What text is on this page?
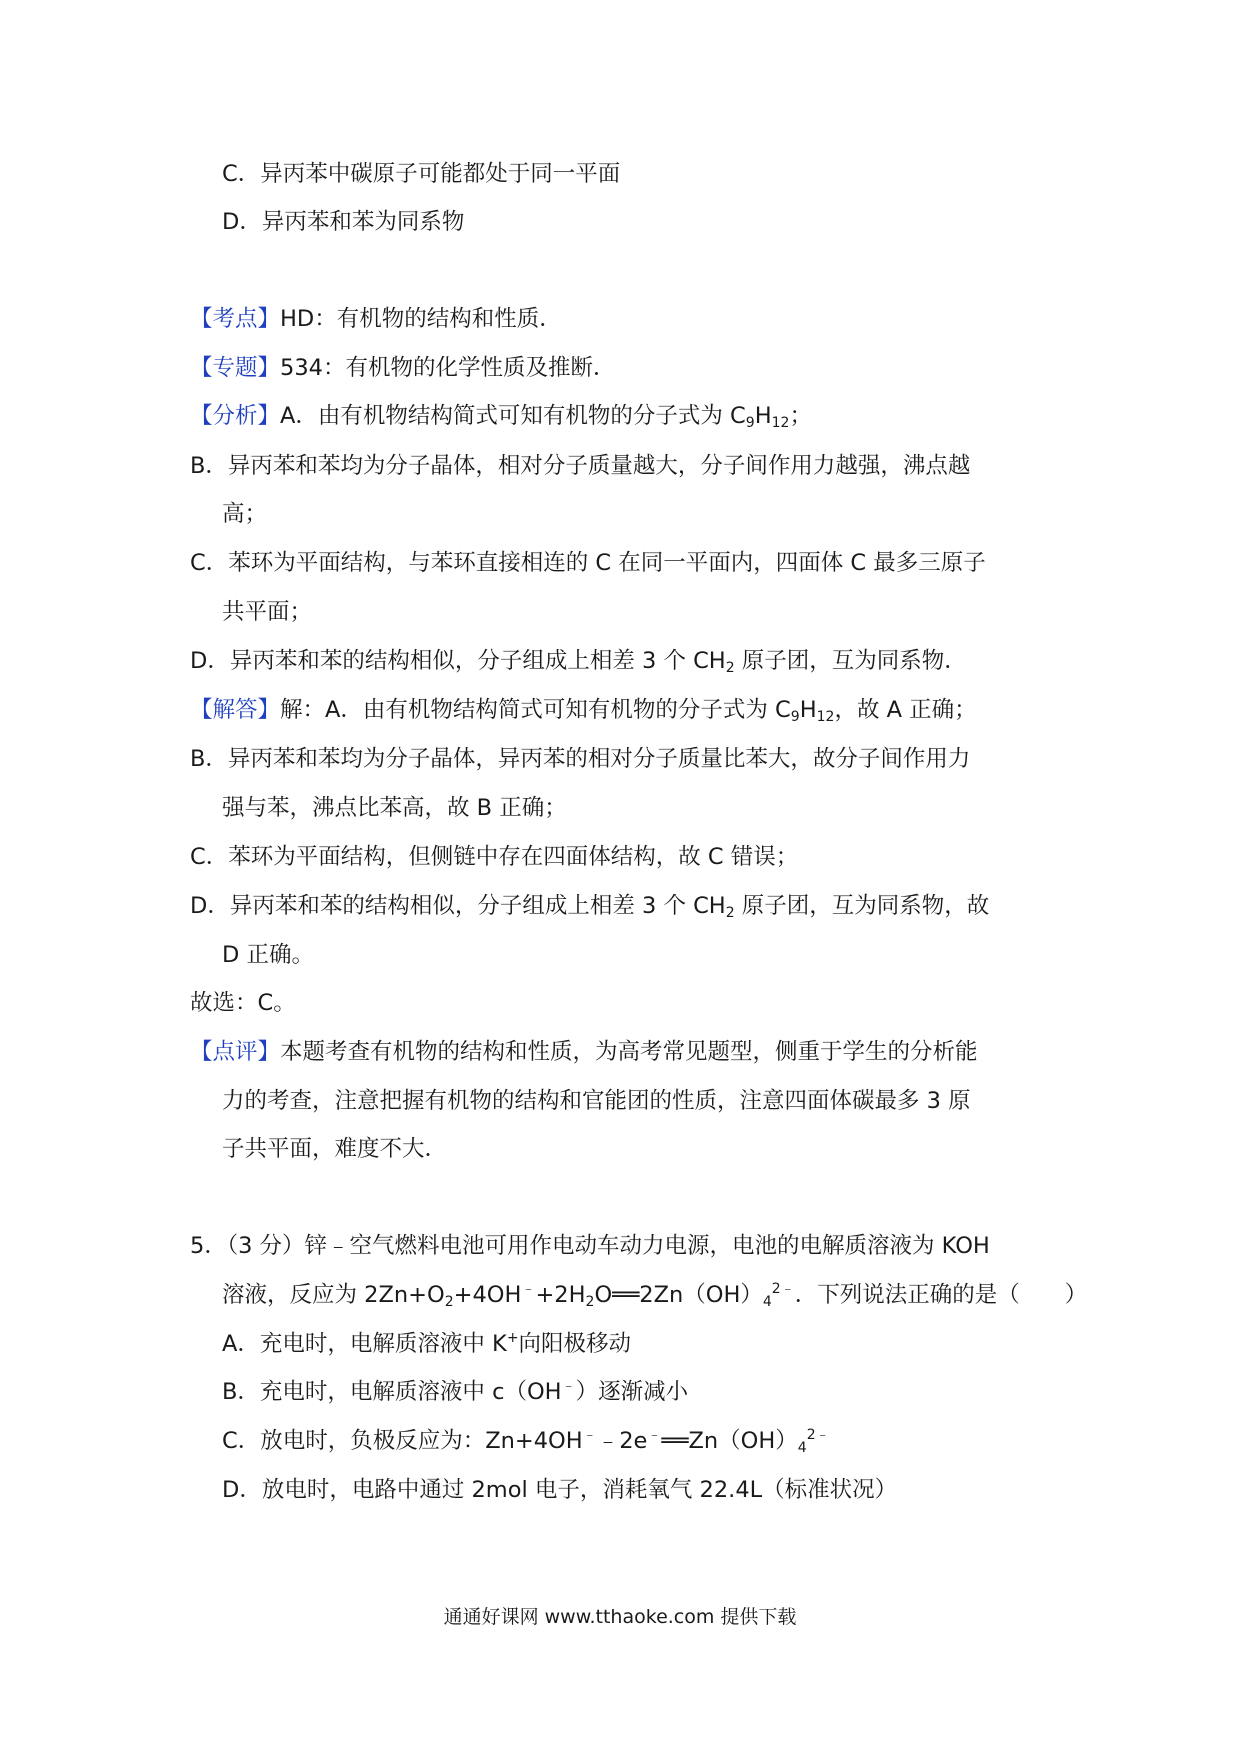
C．异丙苯中碳原子可能都处于同一平面
D．异丙苯和苯为同系物
【考点】HD：有机物的结构和性质．
【专题】534：有机物的化学性质及推断．
【分析】A．由有机物结构简式可知有机物的分子式为 $C_9H_{12}$；
B．异丙苯和苯均为分子晶体，相对分子质量越大，分子间作用力越强，沸点越
高；
C．苯环为平面结构，与苯环直接相连的 C 在同一平面内，四面体 C 最多三原子
共平面；
D．异丙苯和苯的结构相似，分子组成上相差 3 个 $CH_2$ 原子团，互为同系物．
【解答】解：A．由有机物结构简式可知有机物的分子式为 $C_9H_{12}$，故 A 正确；
B．异丙苯和苯均为分子晶体，异丙苯的相对分子质量比苯大，故分子间作用力
强与苯，沸点比苯高，故 B 正确；
C．苯环为平面结构，但侧链中存在四面体结构，故 C 错误；
D．异丙苯和苯的结构相似，分子组成上相差 3 个 $CH_2$ 原子团，互为同系物，故
D 正确。
故选：C。
【点评】本题考查有机物的结构和性质，为高考常见题型，侧重于学生的分析能
力的考查，注意把握有机物的结构和官能团的性质，注意四面体碳最多 3 原
子共平面，难度不大．
5．（3 分）锌﹣空气燃料电池可用作电动车动力电源，电池的电解质溶液为 KOH
溶液，反应为 $2Zn+O_2+4OH^﹣+2H_2O══2Zn(OH)_4^{2﹣}$．下列说法正确的是（　　）
A．充电时，电解质溶液中 K+向阳极移动
B．充电时，电解质溶液中 c（OH﹣）逐渐减小
C．放电时，负极反应为：$Zn+4OH^﹣﹣2e^﹣══Zn(OH)_4^{2﹣}$
D．放电时，电路中通过 2mol 电子，消耗氧气 22.4L（标准状况）
通通好课网 www.tthaoke.com 提供下载
